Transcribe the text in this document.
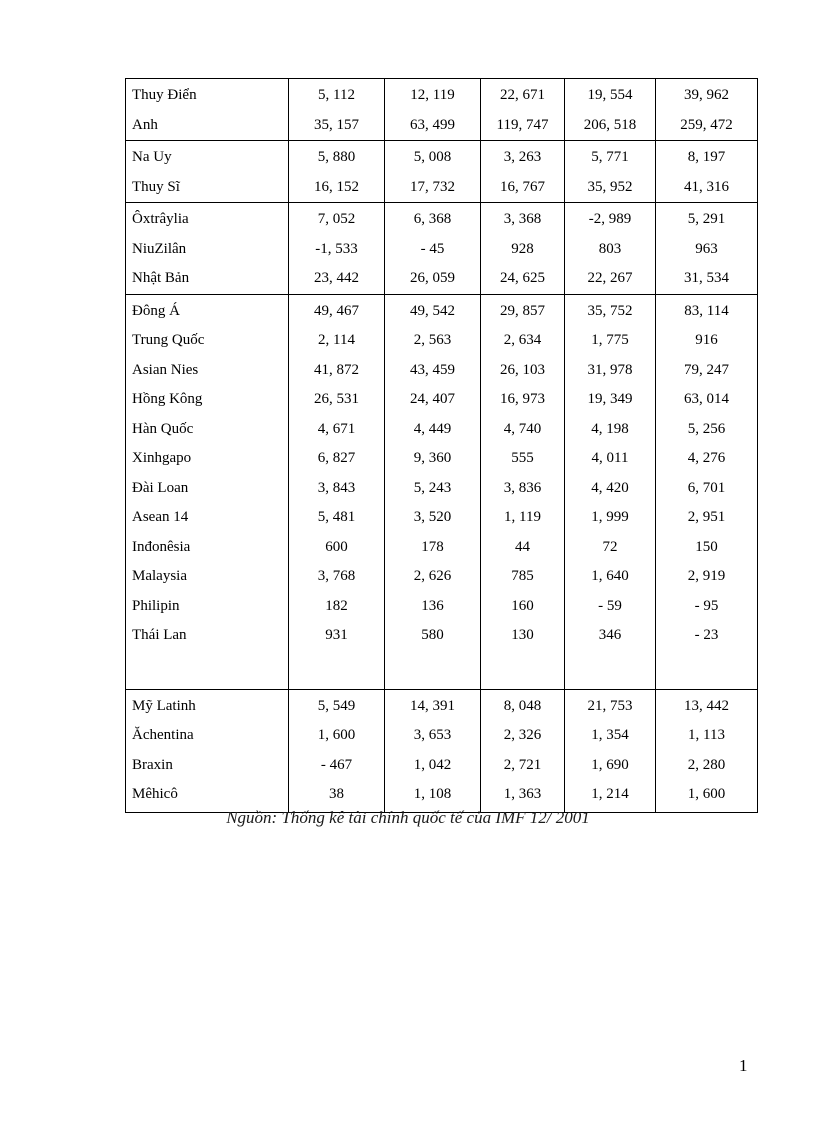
Thuy Điển	5, 112	12, 119	22, 671	19, 554	39, 962
Anh	35, 157	63, 499	119, 747	206, 518	259, 472
Na Uy	5, 880	5, 008	3, 263	5, 771	8, 197
Thuy Sĩ	16, 152	17, 732	16, 767	35, 952	41, 316
Ôxtrâylia	7, 052	6, 368	3, 368	-2, 989	5, 291
NiuZilân	-1, 533	- 45	928	803	963
Nhật Bản	23, 442	26, 059	24, 625	22, 267	31, 534
Đông Á	49, 467	49, 542	29, 857	35, 752	83, 114
Trung Quốc	2, 114	2, 563	2, 634	1, 775	916
Asian Nies	41, 872	43, 459	26, 103	31, 978	79, 247
Hồng Kông	26, 531	24, 407	16, 973	19, 349	63, 014
Hàn Quốc	4, 671	4, 449	4, 740	4, 198	5, 256
Xinhgapo	6, 827	9, 360	555	4, 011	4, 276
Đài Loan	3, 843	5, 243	3, 836	4, 420	6, 701
Asean 14	5, 481	3, 520	1, 119	1, 999	2, 951
Inđonêsia	600	178	44	72	150
Malaysia	3, 768	2, 626	785	1, 640	2, 919
Philipin	182	136	160	- 59	- 95
Thái Lan	931	580	130	346	- 23

Mỹ Latinh	5, 549	14, 391	8, 048	21, 753	13, 442
Ăchentina	1, 600	3, 653	2, 326	1, 354	1, 113
Braxin	- 467	1, 042	2, 721	1, 690	2, 280
Mêhicô	38	1, 108	1, 363	1, 214	1, 600
Nguồn: Thống kê tài chính quốc tế của IMF 12/ 2001
1
